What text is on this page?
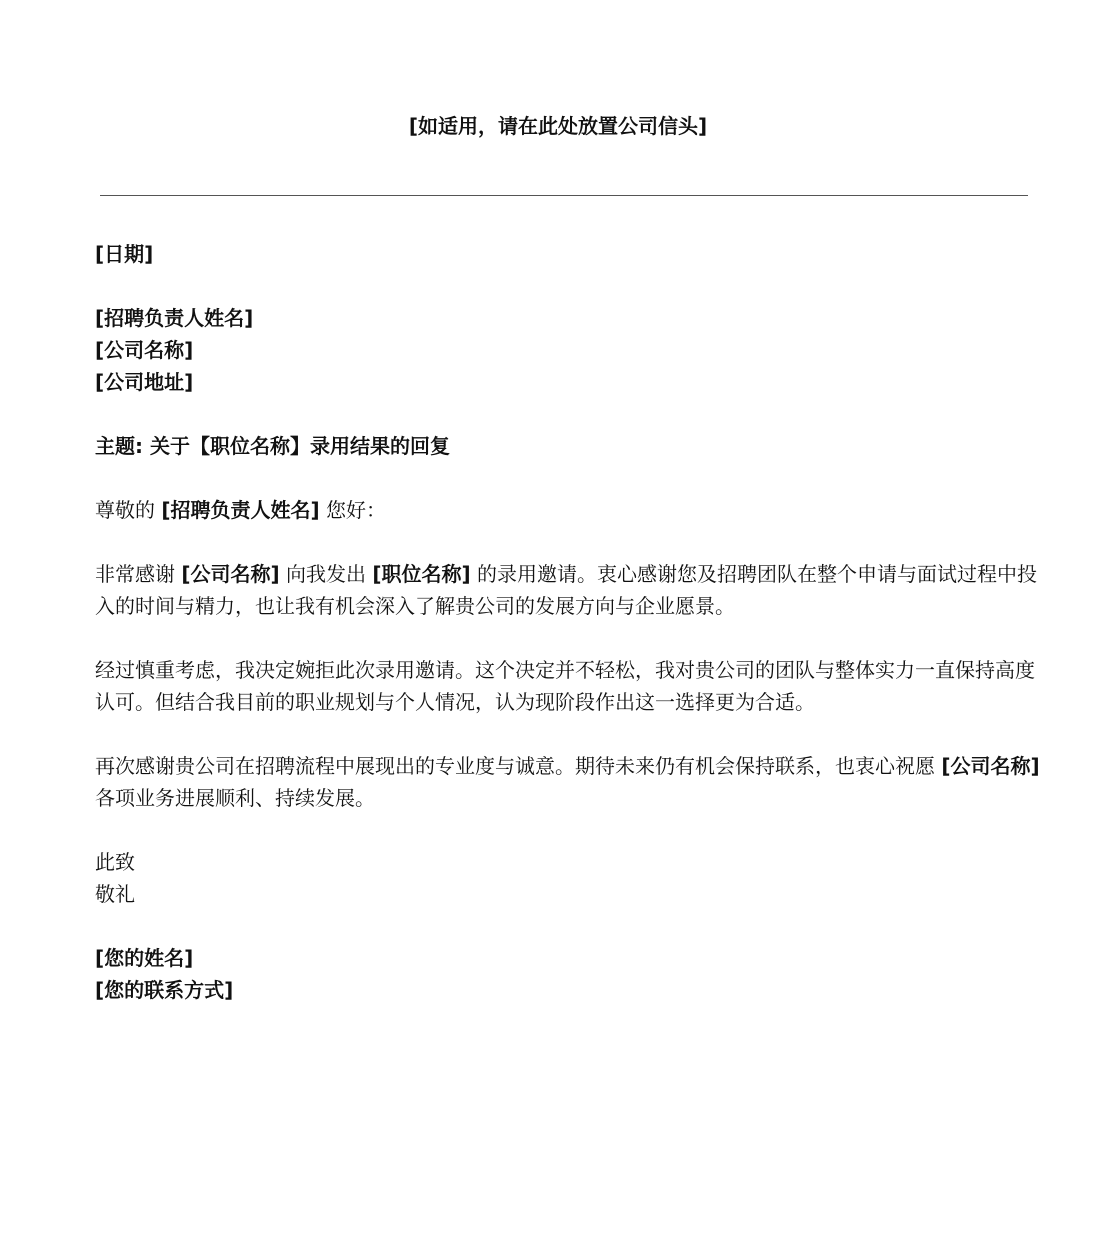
[如适用，请在此处放置公司信头]
[日期]
[招聘负责人姓名]
[公司名称]
[公司地址]
主题: 关于【职位名称】录用结果的回复

尊敬的 [招聘负责人姓名] 您好：

非常感谢 [公司名称] 向我发出 [职位名称] 的录用邀请。衷心感谢您及招聘团队在整个申请与面试过程中投入的时间与精力，也让我有机会深入了解贵公司的发展方向与企业愿景。

经过慎重考虑，我决定婉拒此次录用邀请。这个决定并不轻松，我对贵公司的团队与整体实力一直保持高度认可。但结合我目前的职业规划与个人情况，认为现阶段作出这一选择更为合适。

再次感谢贵公司在招聘流程中展现出的专业度与诚意。期待未来仍有机会保持联系，也衷心祝愿 [公司名称] 各项业务进展顺利、持续发展。

此致
敬礼
[您的姓名]
[您的联系方式]
